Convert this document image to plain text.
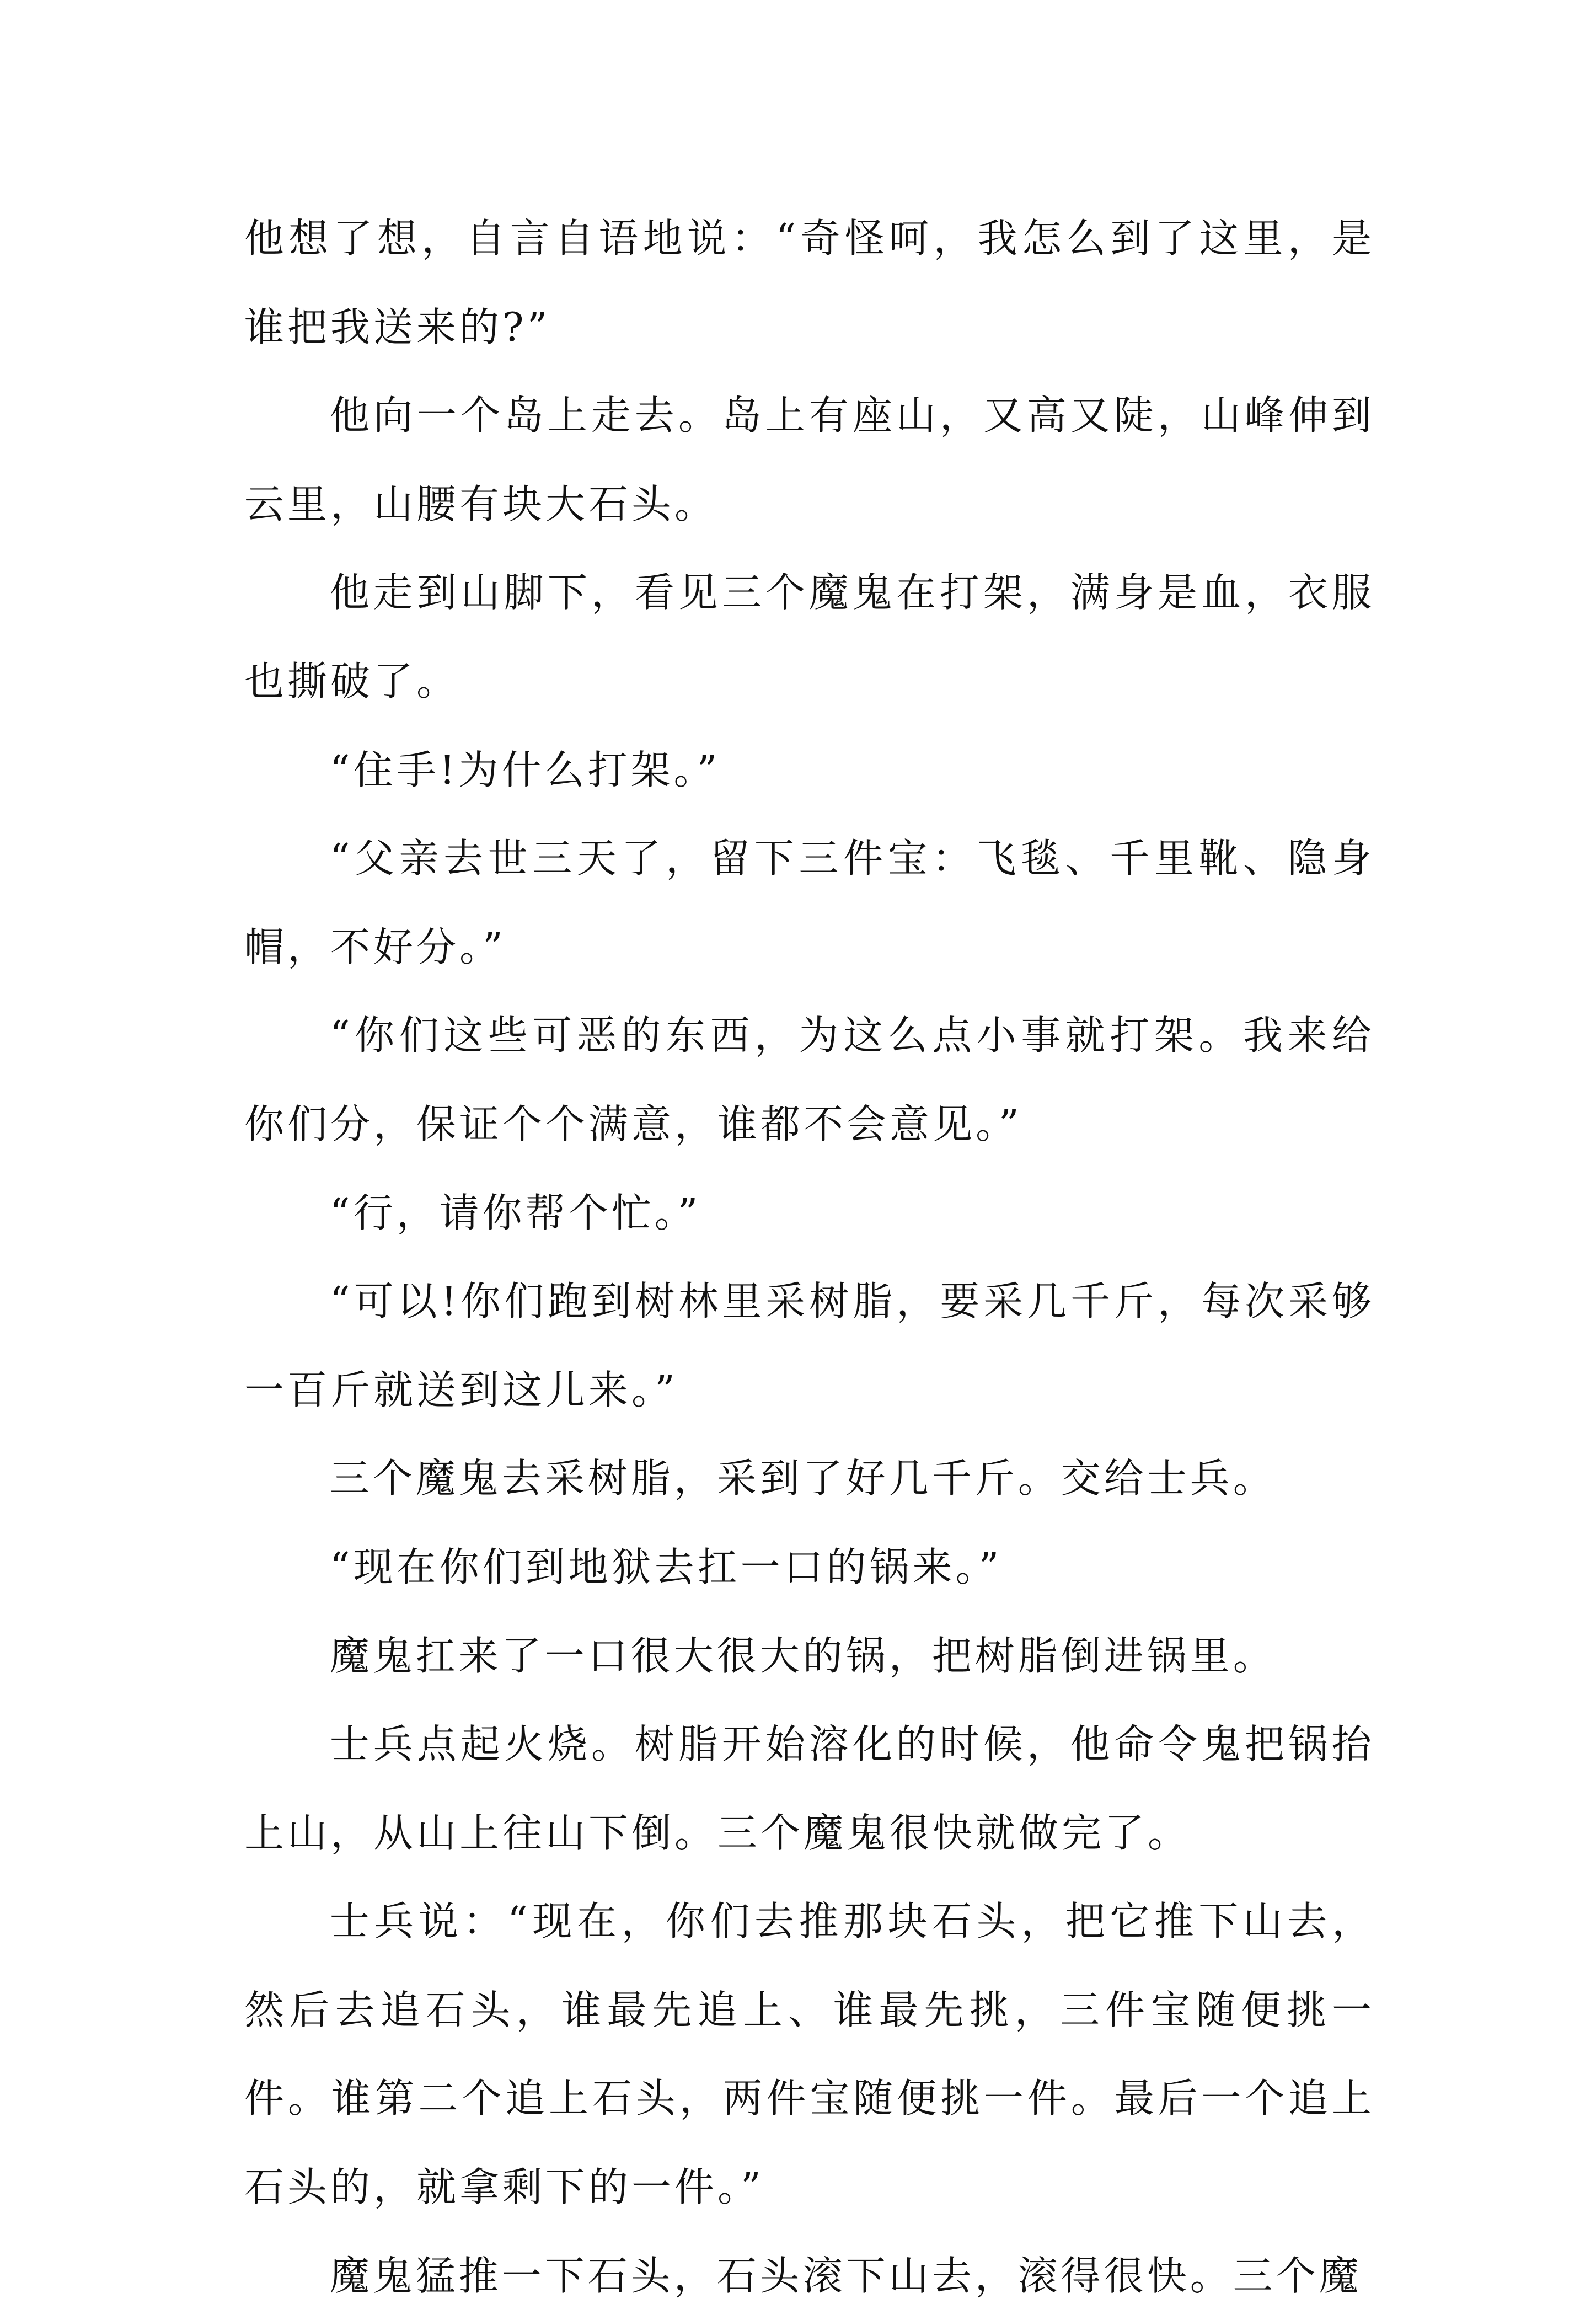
他想了想，自言自语地说：“奇怪呵，我怎么到了这里，是谁把我送来的?”

他向一个岛上走去。岛上有座山，又高又陡，山峰伸到云里，山腰有块大石头。

他走到山脚下，看见三个魔鬼在打架，满身是血，衣服也撕破了。

“住手!为什么打架。”

“父亲去世三天了，留下三件宝：飞毯、千里靴、隐身帽，不好分。”

“你们这些可恶的东西，为这么点小事就打架。我来给你们分，保证个个满意，谁都不会意见。”

“行，请你帮个忙。”

“可以!你们跑到树林里采树脂，要采几千斤，每次采够一百斤就送到这儿来。”

三个魔鬼去采树脂，采到了好几千斤。交给士兵。

“现在你们到地狱去扛一口的锅来。”

魔鬼扛来了一口很大很大的锅，把树脂倒进锅里。

士兵点起火烧。树脂开始溶化的时候，他命令鬼把锅抬上山，从山上往山下倒。三个魔鬼很快就做完了。

士兵说：“现在，你们去推那块石头，把它推下山去，然后去追石头，谁最先追上、谁最先挑，三件宝随便挑一件。谁第二个追上石头，两件宝随便挑一件。最后一个追上石头的，就拿剩下的一件。”

魔鬼猛推一下石头，石头滚下山去，滚得很快。三个魔
